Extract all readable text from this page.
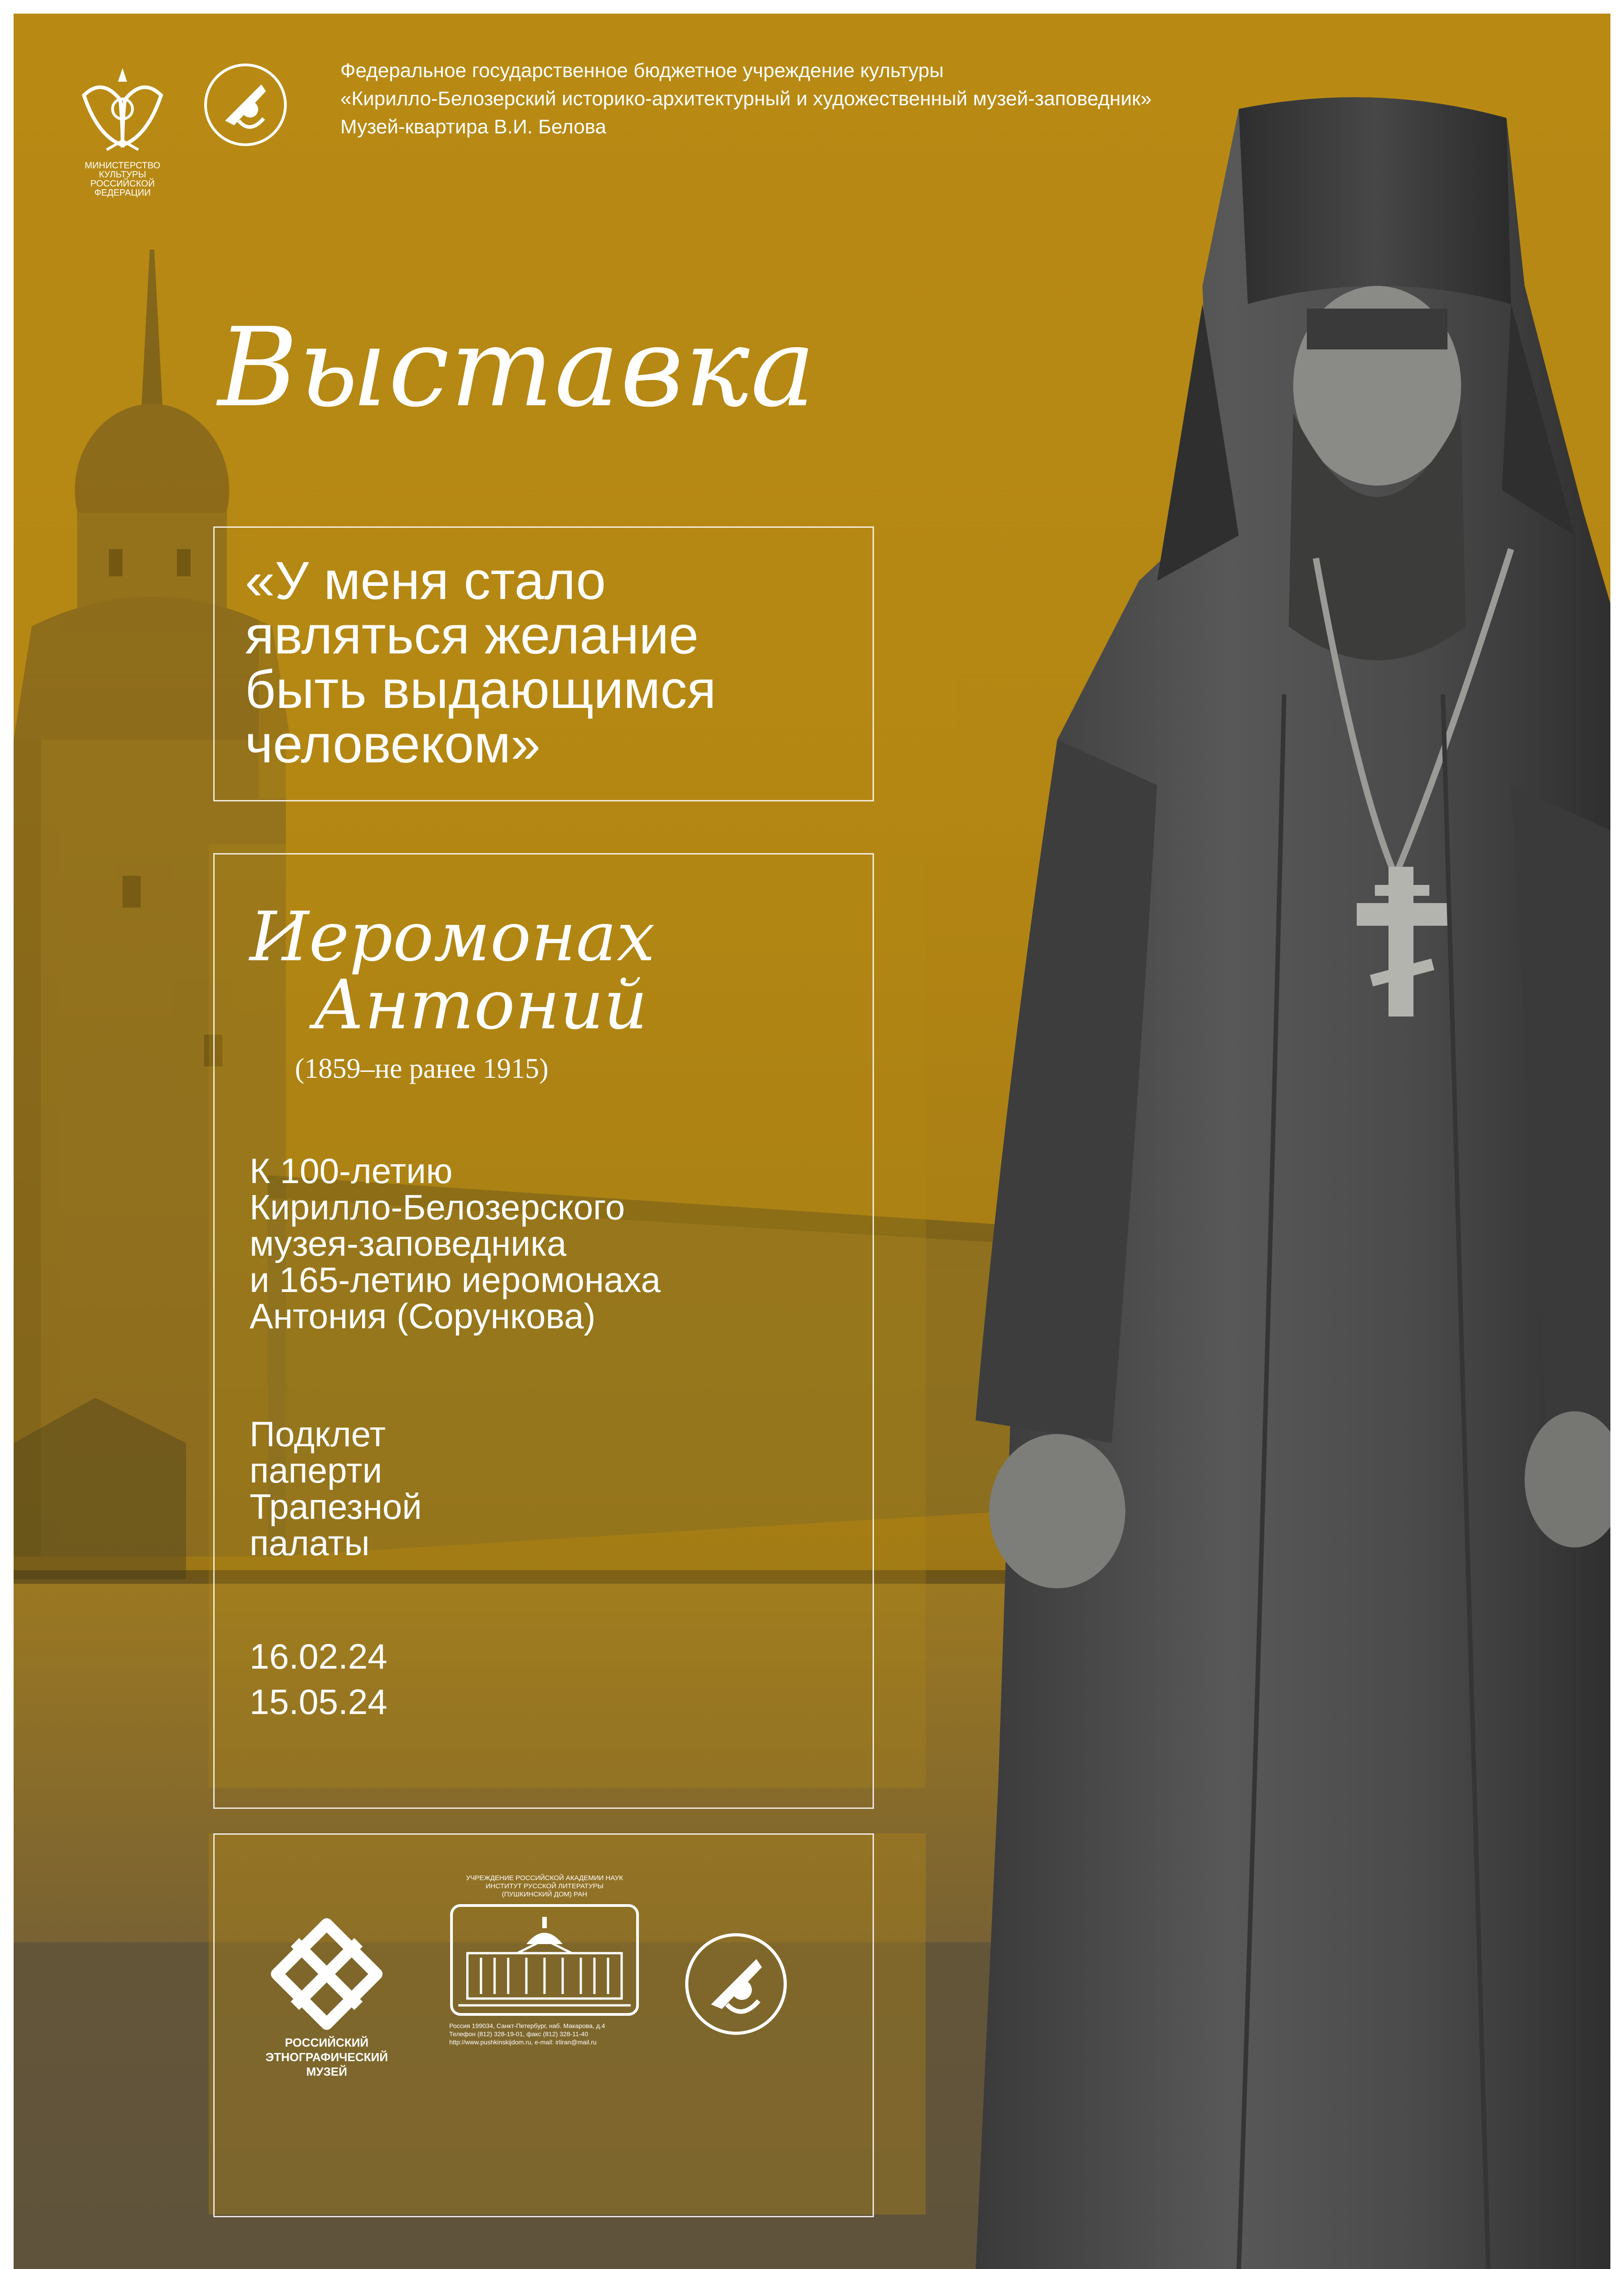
МИНИСТЕРСТВО КУЛЬТУРЫ РОССИЙСКОЙ ФЕДЕРАЦИИ
Федеральное государственное бюджетное учреждение культуры
«Кирилло-Белозерский историко-архитектурный и художественный музей-заповедник»
Музей-квартира В.И. Белова
Выставка
«У меня стало
являться желание
быть выдающимся
человеком»
Иеромонах
Антоний
(1859–не ранее 1915)
К 100-летию
Кирилло-Белозерского
музея-заповедника
и 165-летию иеромонаха
Антония (Сорункова)
Подклет
паперти
Трапезной
палаты
16.02.24
15.05.24
РОССИЙСКИЙ
ЭТНОГРАФИЧЕСКИЙ
МУЗЕЙ
УЧРЕЖДЕНИЕ РОССИЙСКОЙ АКАДЕМИИ НАУК
ИНСТИТУТ РУССКОЙ ЛИТЕРАТУРЫ
(ПУШКИНСКИЙ ДОМ) РАН
Россия 199034, Санкт-Петербург, наб. Макарова, д.4
Телефон (812) 328-19-01, факс (812) 328-11-40
http://www.pushkinskijdom.ru, e-mail: irliran@mail.ru
